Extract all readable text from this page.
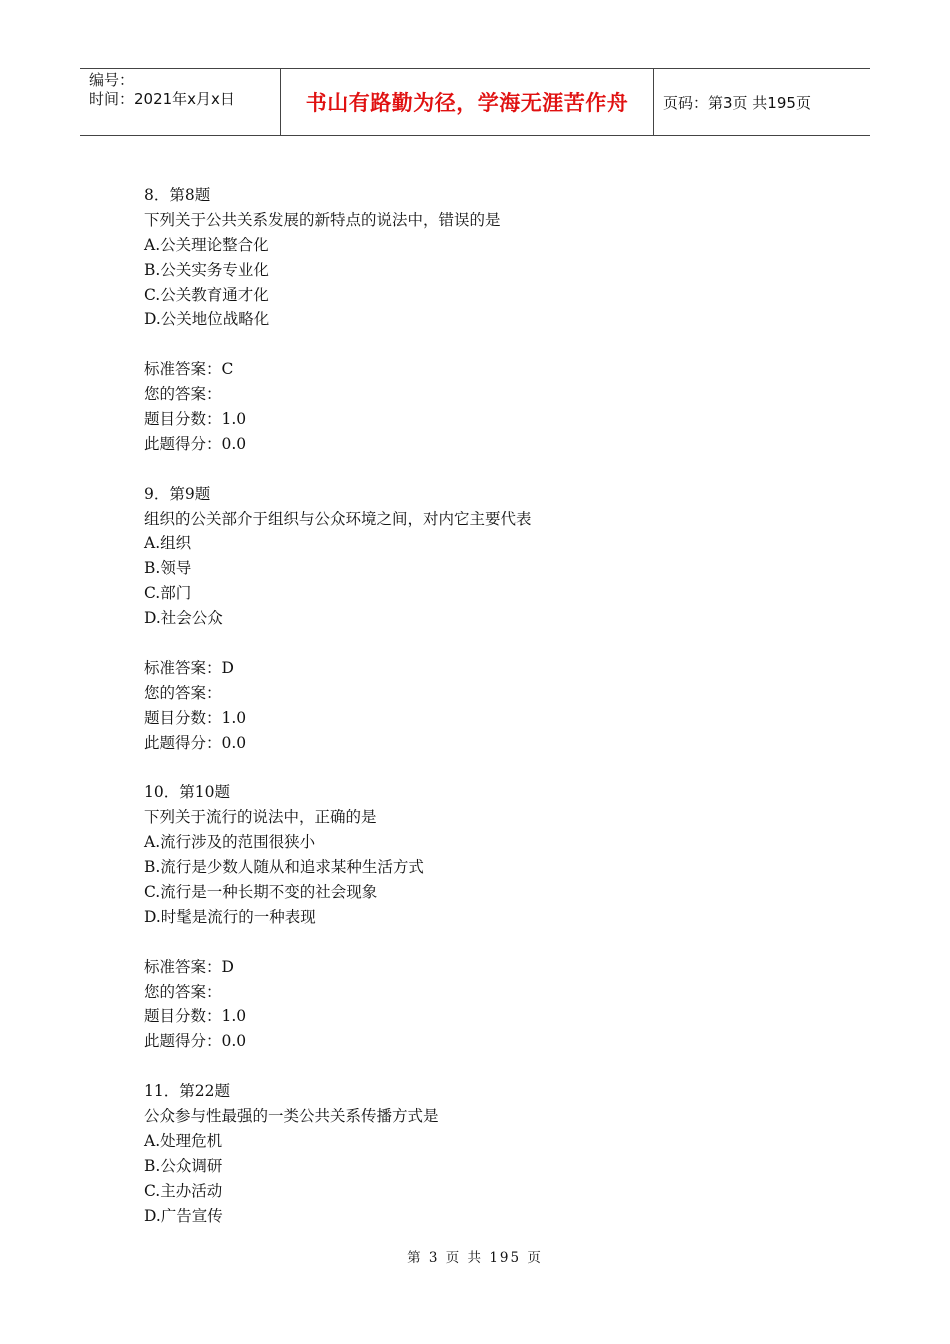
编号：
时间：2021年x月x日	书山有路勤为径，学海无涯苦作舟 页码：第3页 共195页
8．第8题
下列关于公共关系发展的新特点的说法中，错误的是
A.公关理论整合化
B.公关实务专业化
C.公关教育通才化
D.公关地位战略化
标准答案：C
您的答案：
题目分数：1.0
此题得分：0.0
9．第9题
组织的公关部介于组织与公众环境之间，对内它主要代表
A.组织
B.领导
C.部门
D.社会公众
标准答案：D
您的答案：
题目分数：1.0
此题得分：0.0
10．第10题
下列关于流行的说法中，正确的是
A.流行涉及的范围很狭小
B.流行是少数人随从和追求某种生活方式
C.流行是一种长期不变的社会现象
D.时髦是流行的一种表现
标准答案：D
您的答案：
题目分数：1.0
此题得分：0.0
11．第22题
公众参与性最强的一类公共关系传播方式是
A.处理危机
B.公众调研
C.主办活动
D.广告宣传
第 3 页 共 195 页
